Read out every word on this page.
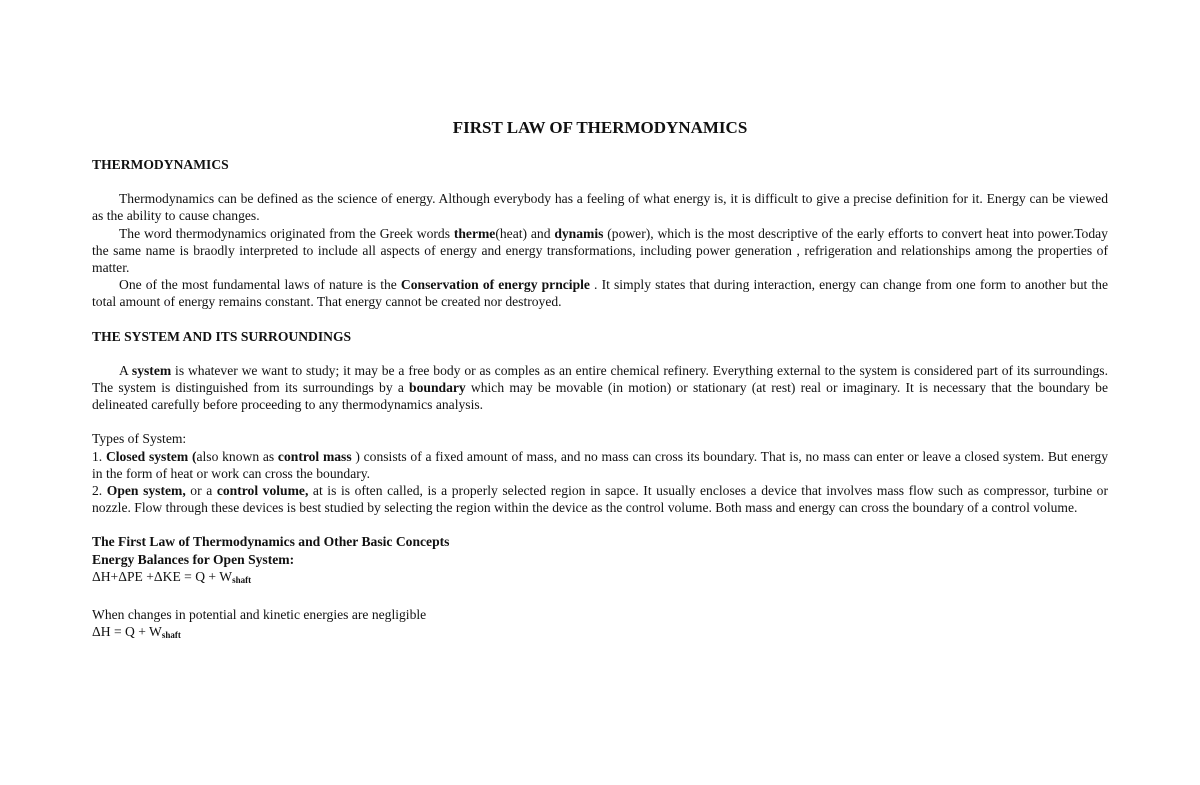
FIRST LAW OF THERMODYNAMICS
THERMODYNAMICS

Thermodynamics can be defined as the science of energy. Although everybody has a feeling of what energy is, it is difficult to give a precise definition for it. Energy can be viewed as the ability to cause changes.

The word thermodynamics originated from the Greek words therme(heat) and dynamis (power), which is the most descriptive of the early efforts to convert heat into power.Today the same name is braodly interpreted to include all aspects of energy and energy transformations, including power generation , refrigeration and relationships among the properties of matter.

One of the most fundamental laws of nature is the Conservation of energy prnciple . It simply states that during interaction, energy can change from one form to another but the total amount of energy remains constant. That energy cannot be created nor destroyed.

THE SYSTEM AND ITS SURROUNDINGS

A system is whatever we want to study; it may be a free body or as comples as an entire chemical refinery. Everything external to the system is considered part of its surroundings. The system is distinguished from its surroundings by a boundary which may be movable (in motion) or stationary (at rest) real or imaginary. It is necessary that the boundary be delineated carefully before proceeding to any thermodynamics analysis.

Types of System:

1. Closed system (also known as control mass ) consists of a fixed amount of mass, and no mass can cross its boundary. That is, no mass can enter or leave a closed system. But energy in the form of heat or work can cross the boundary.

2. Open system, or a control volume, at is is often called, is a properly selected region in sapce. It usually encloses a device that involves mass flow such as compressor, turbine or nozzle. Flow through these devices is best studied by selecting the region within the device as the control volume. Both mass and energy can cross the boundary of a control volume.

The First Law of Thermodynamics and Other Basic Concepts

Energy Balances for Open System:

$\Delta H+\Delta PE +\Delta KE = Q + W_{shaft}$

When changes in potential and kinetic energies are negligible

$\Delta H = Q + W_{shaft}$
